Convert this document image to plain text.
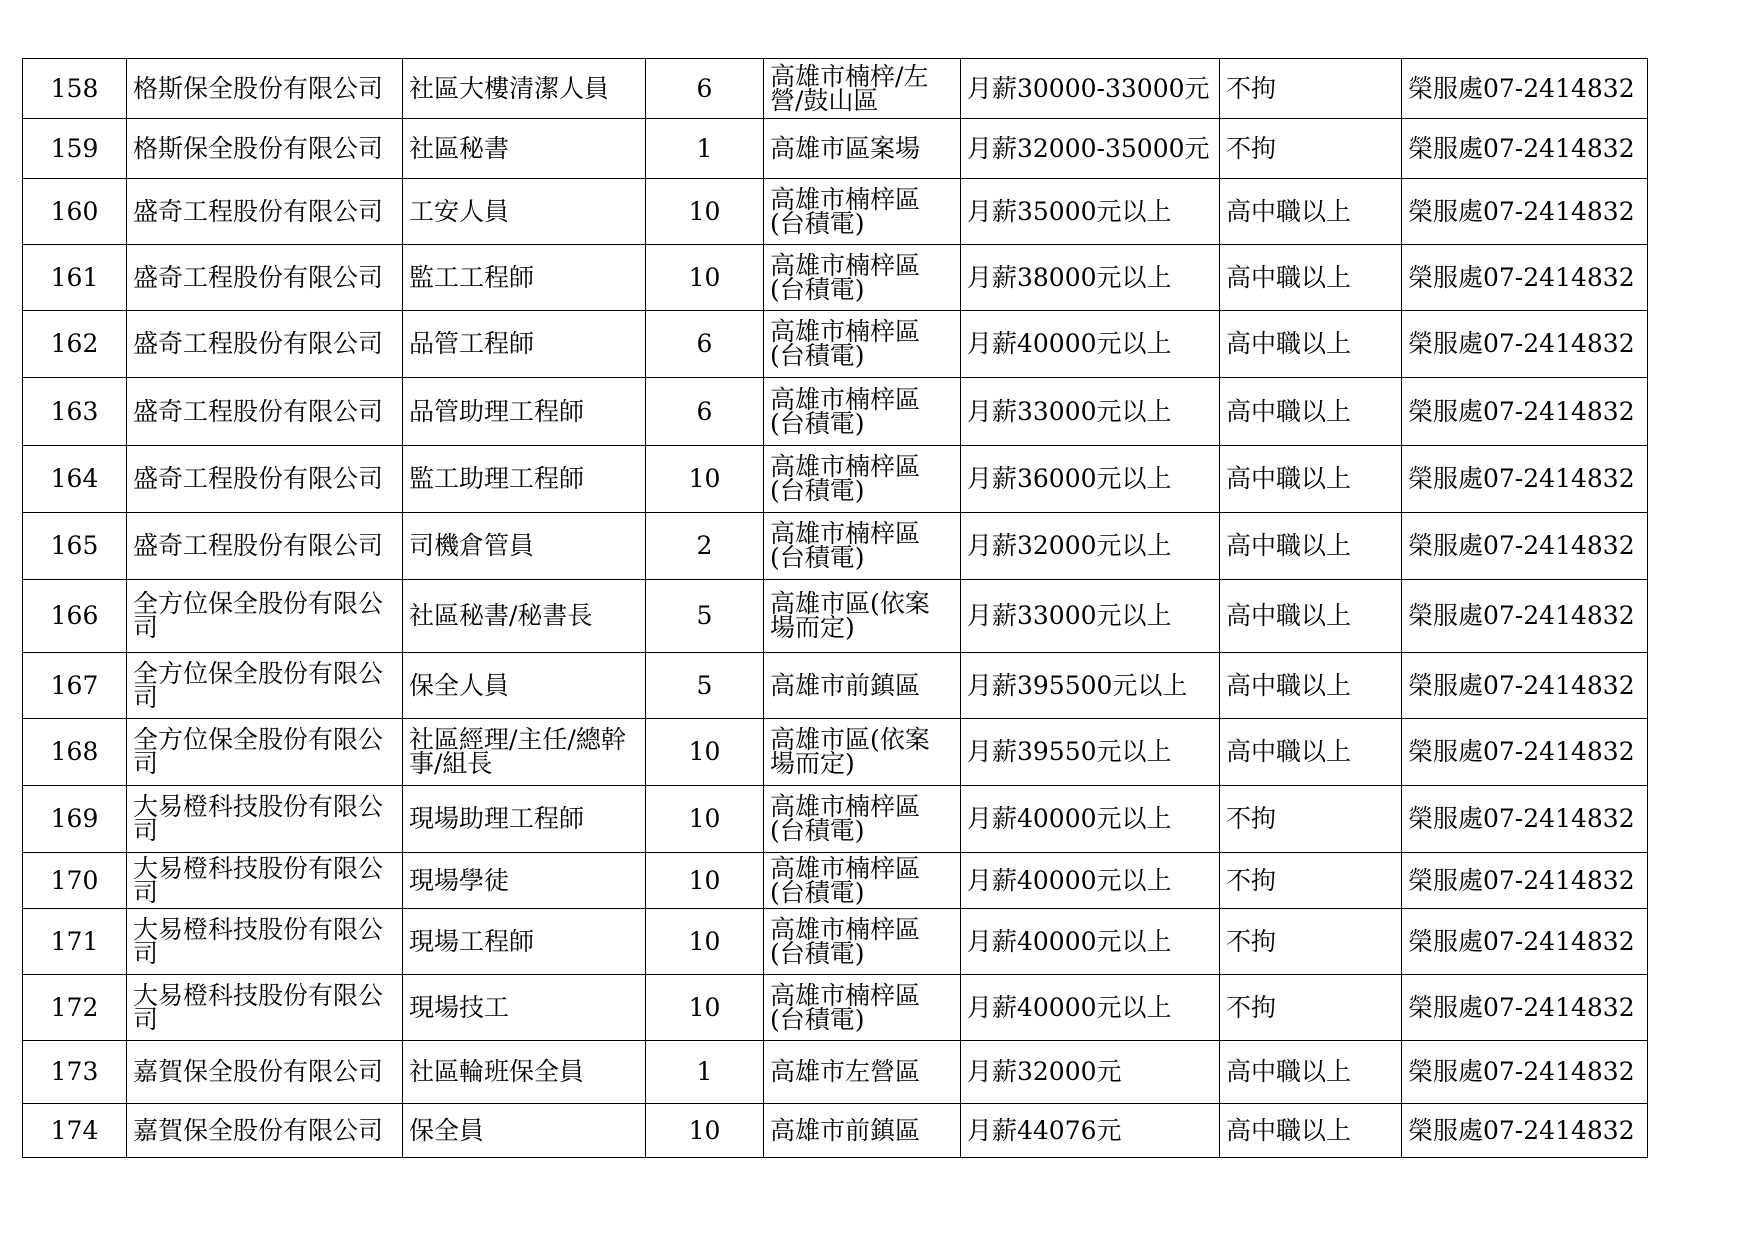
158	格斯保全股份有限公司	社區大樓清潔人員	6	高雄市楠梓/左營/鼓山區	月薪30000-33000元	不拘	榮服處07-2414832
159	格斯保全股份有限公司	社區秘書	1	高雄市區案場	月薪32000-35000元	不拘	榮服處07-2414832
160	盛奇工程股份有限公司	工安人員	10	高雄市楠梓區(台積電)	月薪35000元以上	高中職以上	榮服處07-2414832
161	盛奇工程股份有限公司	監工工程師	10	高雄市楠梓區(台積電)	月薪38000元以上	高中職以上	榮服處07-2414832
162	盛奇工程股份有限公司	品管工程師	6	高雄市楠梓區(台積電)	月薪40000元以上	高中職以上	榮服處07-2414832
163	盛奇工程股份有限公司	品管助理工程師	6	高雄市楠梓區(台積電)	月薪33000元以上	高中職以上	榮服處07-2414832
164	盛奇工程股份有限公司	監工助理工程師	10	高雄市楠梓區(台積電)	月薪36000元以上	高中職以上	榮服處07-2414832
165	盛奇工程股份有限公司	司機倉管員	2	高雄市楠梓區(台積電)	月薪32000元以上	高中職以上	榮服處07-2414832
166	全方位保全股份有限公司	社區秘書/秘書長	5	高雄市區(依案場而定)	月薪33000元以上	高中職以上	榮服處07-2414832
167	全方位保全股份有限公司	保全人員	5	高雄市前鎮區	月薪395500元以上	高中職以上	榮服處07-2414832
168	全方位保全股份有限公司	社區經理/主任/總幹事/組長	10	高雄市區(依案場而定)	月薪39550元以上	高中職以上	榮服處07-2414832
169	大易橙科技股份有限公司	現場助理工程師	10	高雄市楠梓區(台積電)	月薪40000元以上	不拘	榮服處07-2414832
170	大易橙科技股份有限公司	現場學徒	10	高雄市楠梓區(台積電)	月薪40000元以上	不拘	榮服處07-2414832
171	大易橙科技股份有限公司	現場工程師	10	高雄市楠梓區(台積電)	月薪40000元以上	不拘	榮服處07-2414832
172	大易橙科技股份有限公司	現場技工	10	高雄市楠梓區(台積電)	月薪40000元以上	不拘	榮服處07-2414832
173	嘉賀保全股份有限公司	社區輪班保全員	1	高雄市左營區	月薪32000元	高中職以上	榮服處07-2414832
174	嘉賀保全股份有限公司	保全員	10	高雄市前鎮區	月薪44076元	高中職以上	榮服處07-2414832
